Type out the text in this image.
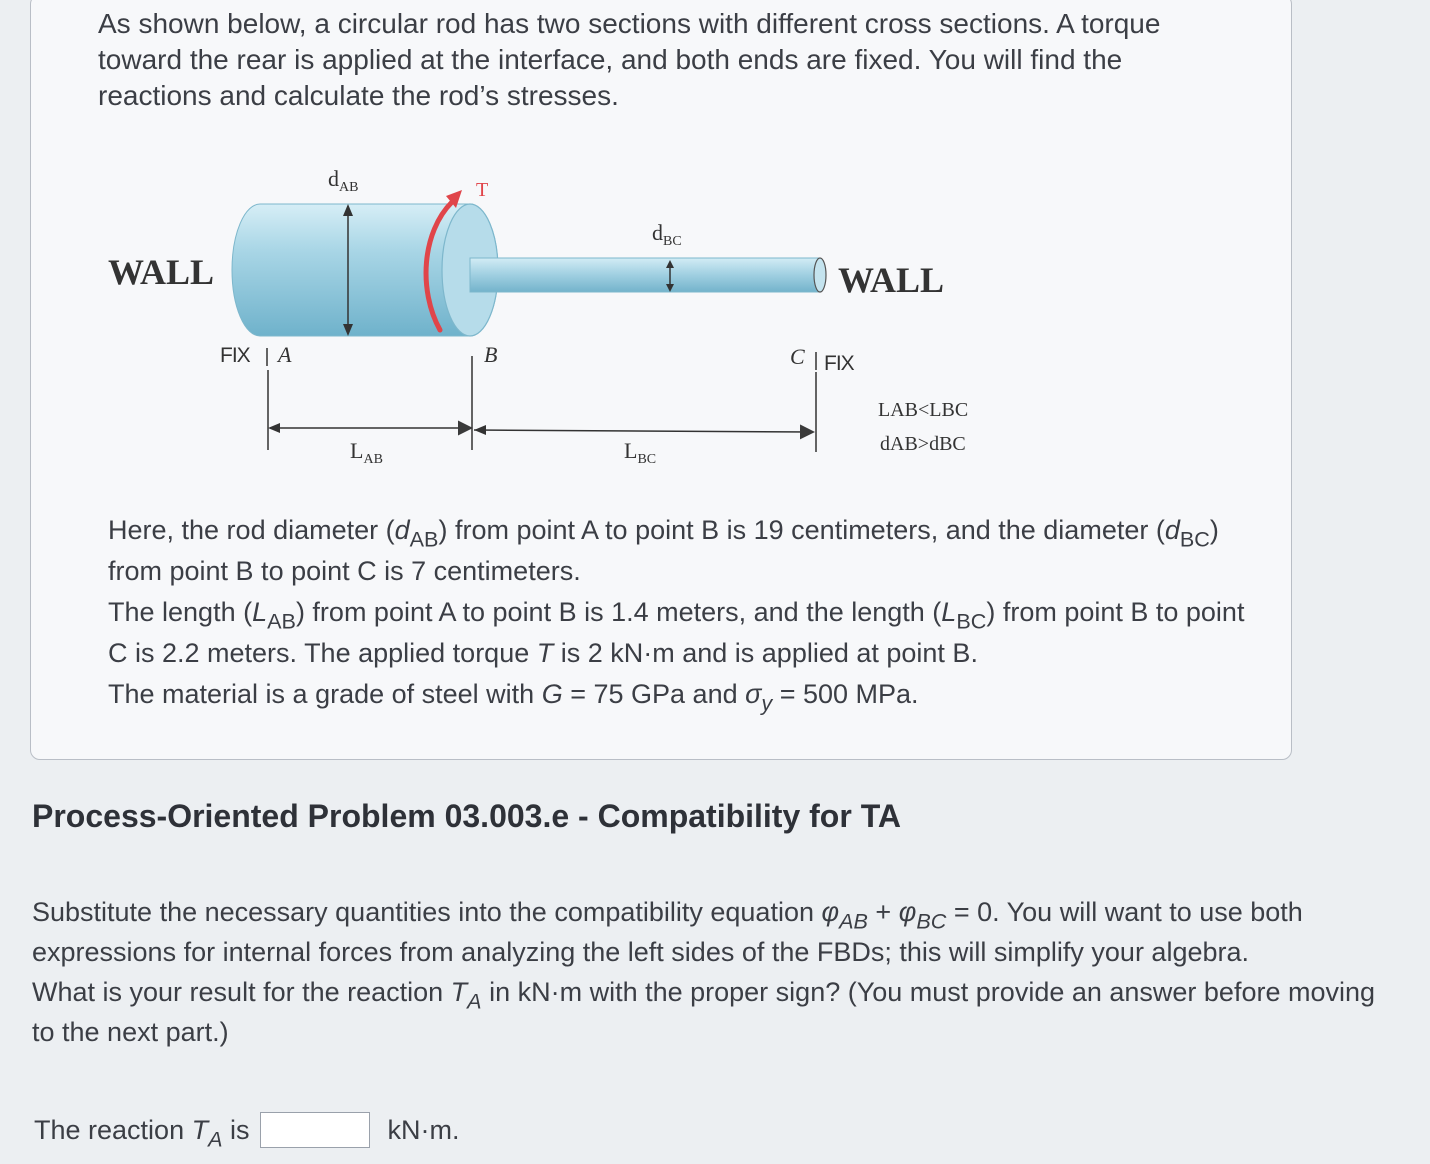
As shown below, a circular rod has two sections with different cross sections. A torque toward the rear is applied at the interface, and both ends are fixed. You will find the reactions and calculate the rod’s stresses.

T
$d_{AB}$
$d_{BC}$
WALL	WALL
FIX A	B	C FIX
$L_{AB}$	$L_{BC}$
LAB<LBC
dAB>dBC

Here, the rod diameter $(d_{AB})$ from point A to point B is 19 centimeters, and the diameter $(d_{BC})$ from point B to point C is 7 centimeters.

The length $(L_{AB})$ from point A to point B is 1.4 meters, and the length $(L_{BC})$ from point B to point C is 2.2 meters. The applied torque T is 2 kN·m and is applied at point B.

The material is a grade of steel with G = 75 GPa and $\sigma_y = 500$ MPa.

Process-Oriented Problem 03.003.e - Compatibility for TA

Substitute the necessary quantities into the compatibility equation $\varphi_{AB} + \varphi_{BC} = 0$. You will want to use both expressions for internal forces from analyzing the left sides of the FBDs; this will simplify your algebra.

What is your result for the reaction $T_A$ in kN·m with the proper sign? (You must provide an answer before moving to the next part.)

The reaction $T_A$ is	kN·m.
